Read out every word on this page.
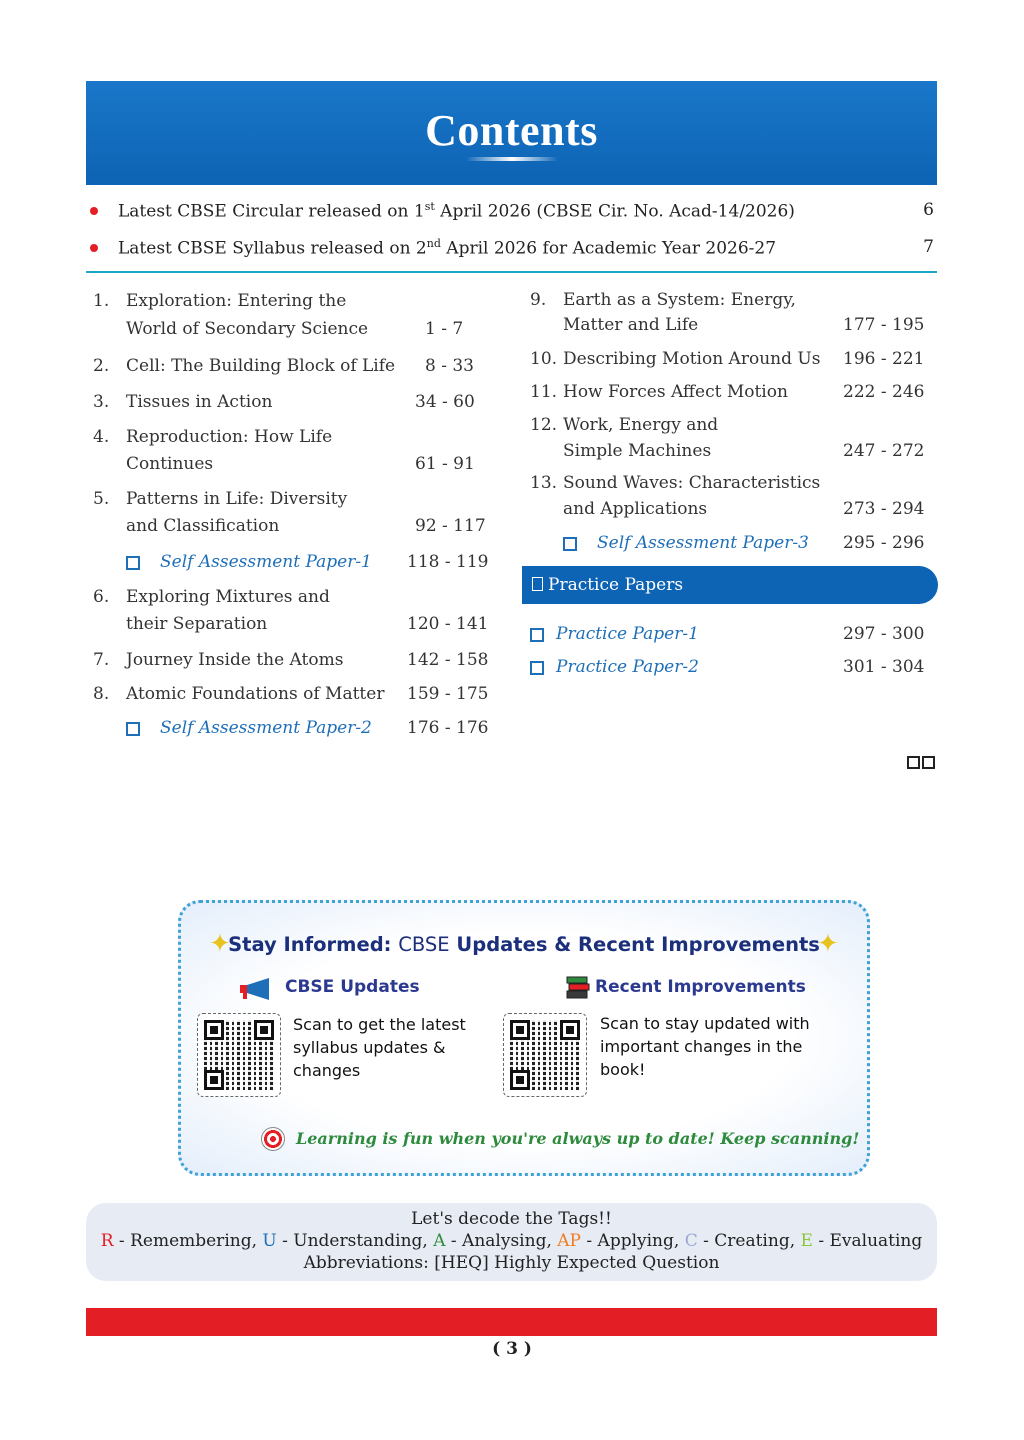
Contents
Latest CBSE Circular released on 1st April 2026 (CBSE Cir. No. Acad-14/2026)	6
Latest CBSE Syllabus released on 2nd April 2026 for Academic Year 2026-27	7
1. Exploration: Entering the
World of Secondary Science	1 - 7
2. Cell: The Building Block of Life 8 - 33
3. Tissues in Action	34 - 60
4. Reproduction: How Life
Continues	61 - 91
5. Patterns in Life: Diversity
and Classification	92 - 117
Self Assessment Paper-1 118 - 119
6. Exploring Mixtures and
their Separation	120 - 141
7. Journey Inside the Atoms	142 - 158
8. Atomic Foundations of Matter 159 - 175
Self Assessment Paper-2 176 - 176
9. Earth as a System: Energy,
Matter and Life	177 - 195
10. Describing Motion Around Us 196 - 221
11. How Forces Affect Motion	222 - 246
12. Work, Energy and
Simple Machines	247 - 272
13. Sound Waves: Characteristics
and Applications	273 - 294
Self Assessment Paper-3 295 - 296
Practice Papers
Practice Paper-1	297 - 300
Practice Paper-2	301 - 304
✦
Stay Informed: CBSE Updates & Recent Improvements
✦
CBSE Updates	Recent Improvements
Scan to get the latest
syllabus updates &
changes
Scan to stay updated with
important changes in the
book!
Learning is fun when you're always up to date! Keep scanning!
Let's decode the Tags!!
R - Remembering, U - Understanding, A - Analysing, AP - Applying, C - Creating, E - Evaluating
Abbreviations: [HEQ] Highly Expected Question
( 3 )
